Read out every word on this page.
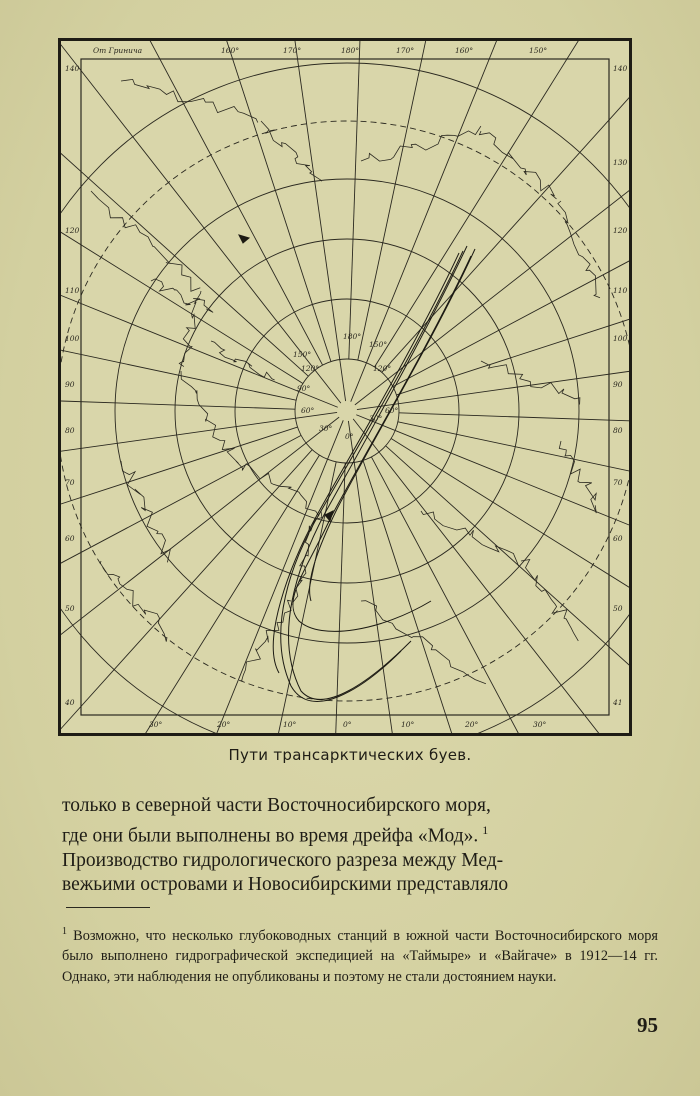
От Гринича	160°	170°	180°	170°	160°	150°
140
120
110
100
90
80
70
60
50
40
140
130
120
110
100
90
80
70
60
50
41
30°	20°	10°	0°	10°	20°	30°
150°
180°
150°
120°	120°
90°
60°
30°
0°
30°
60°
Пути трансарктических буев.

только в северной части Восточносибирского моря,

где они были выполнены во время дрейфа «Мод». $^1$

Производство гидрологического разреза между Мед-

вежьими островами и Новосибирскими представляло

$^1$ Возможно, что несколько глубоководных станций в южной части Восточносибирского моря было выполнено гидрографической экспедицией на «Таймыре» и «Вайгаче» в 1912—14 гг. Однако, эти наблюдения не опубликованы и поэтому не стали достоянием науки.

95
